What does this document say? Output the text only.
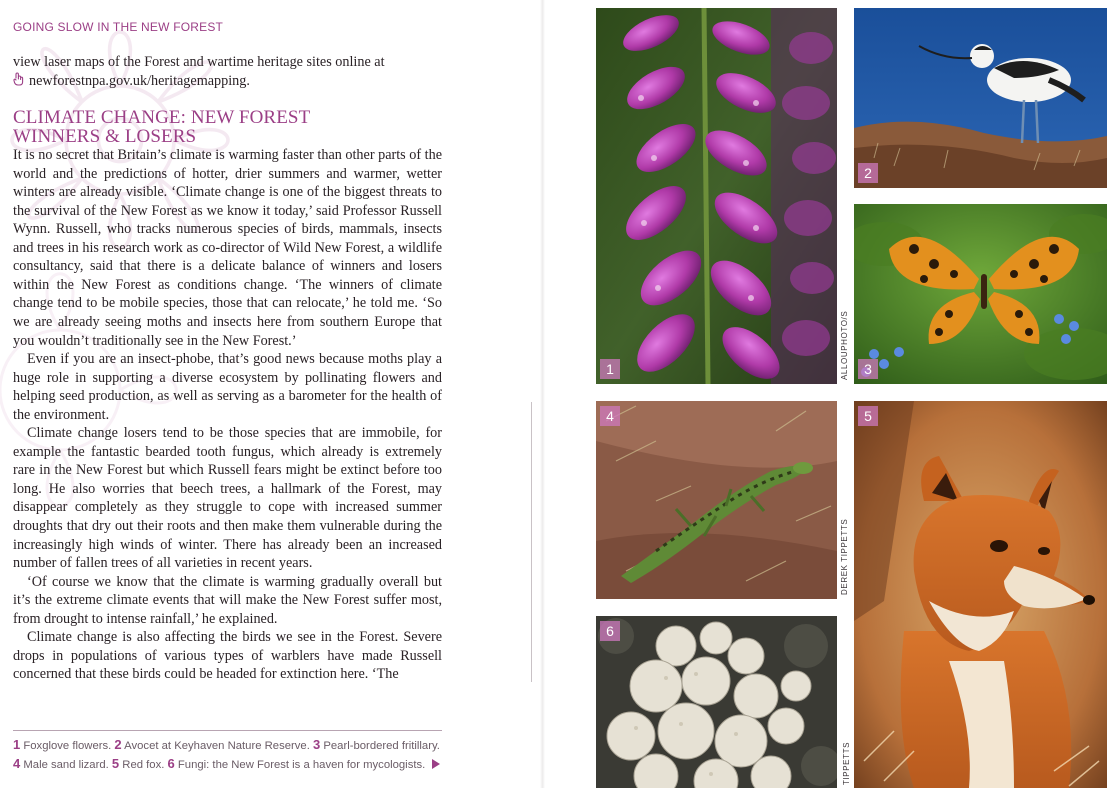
GOING SLOW IN THE NEW FOREST

view laser maps of the Forest and wartime heritage sites online at
newforestnpa.gov.uk/heritagemapping.

CLIMATE CHANGE: NEW FOREST
WINNERS & LOSERS

It is no secret that Britain’s climate is warming faster than other parts of the world and the predictions of hotter, drier summers and warmer, wetter winters are already visible. ‘Climate change is one of the biggest threats to the survival of the New Forest as we know it today,’ said Professor Russell Wynn. Russell, who tracks numerous species of birds, mammals, insects and trees in his research work as co-director of Wild New Forest, a wildlife consultancy, said that there is a delicate balance of winners and losers within the New Forest as conditions change. ‘The winners of climate change tend to be mobile species, those that can relocate,’ he told me. ‘So we are already seeing moths and insects here from southern Europe that you wouldn’t traditionally see in the New Forest.’

Even if you are an insect-phobe, that’s good news because moths play a huge role in supporting a diverse ecosystem by pollinating flowers and helping seed production, as well as serving as a barometer for the health of the environment.

Climate change losers tend to be those species that are immobile, for example the fantastic bearded tooth fungus, which already is extremely rare in the New Forest but which Russell fears might be extinct before too long. He also worries that beech trees, a hallmark of the Forest, may disappear completely as they struggle to cope with increased summer droughts that dry out their roots and then make them vulnerable during the increasingly high winds of winter. There has already been an increased number of fallen trees of all varieties in recent years.

‘Of course we know that the climate is warming gradually overall but it’s the extreme climate events that will make the New Forest suffer most, from drought to intense rainfall,’ he explained.

Climate change is also affecting the birds we see in the Forest. Severe drops in populations of various types of warblers have made Russell concerned that these birds could be headed for extinction here. ‘The

1 Foxglove flowers. 2 Avocet at Keyhaven Nature Reserve. 3 Pearl-bordered fritillary.
4 Male sand lizard. 5 Red fox. 6 Fungi: the New Forest is a haven for mycologists.
1	ALLOUPHOTO/S
2
3
4
DEREK TIPPETTS
5
6
TIPPETTS
